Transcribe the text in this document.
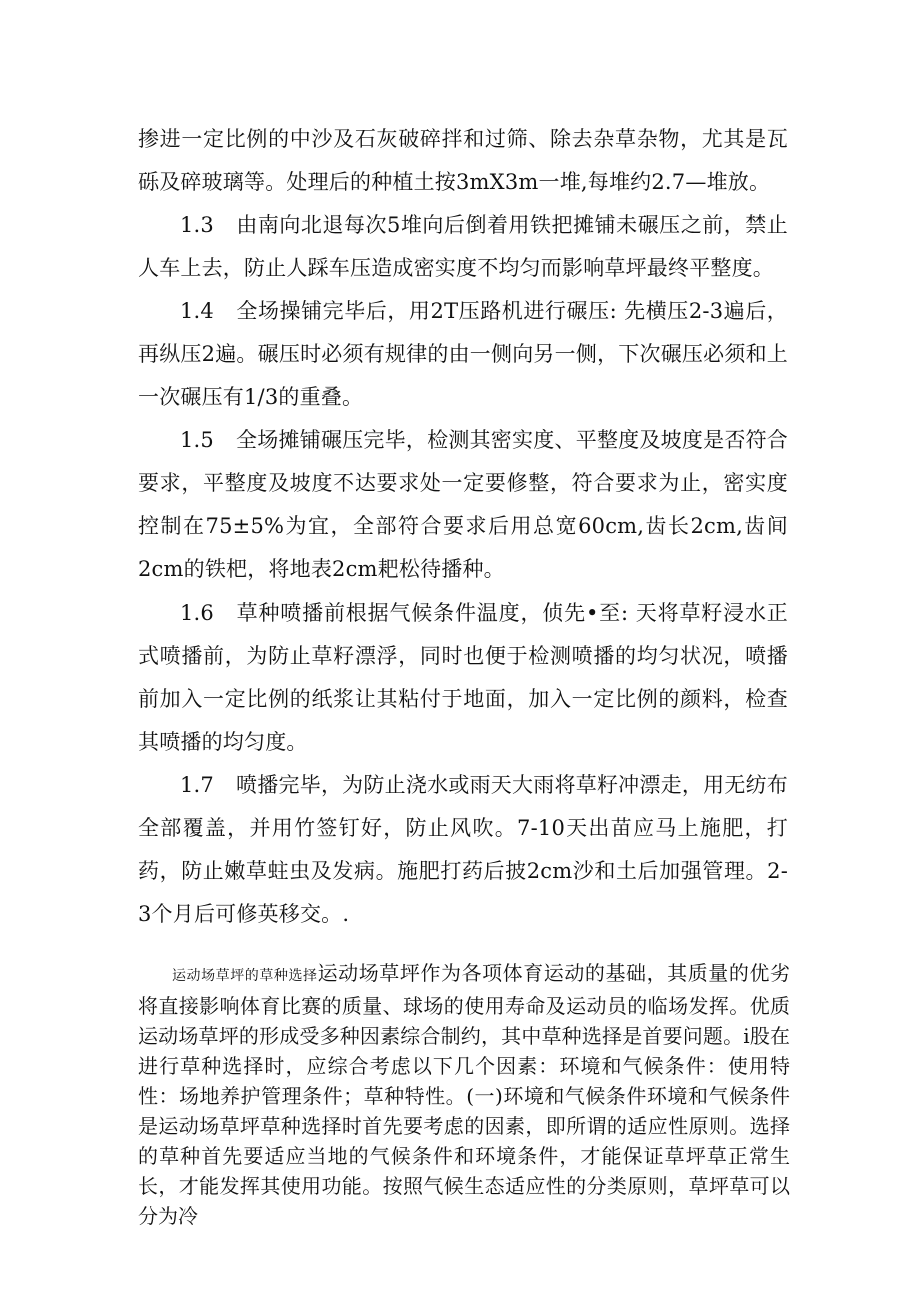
掺进一定比例的中沙及石灰破碎拌和过筛、除去杂草杂物，尤其是瓦砾及碎玻璃等。处理后的种植土按3mX3m一堆,每堆约2.7—堆放。

1.3 由南向北退每次5堆向后倒着用铁把摊铺未碾压之前，禁止人车上去，防止人踩车压造成密实度不均匀而影响草坪最终平整度。

1.4 全场操铺完毕后，用2T压路机进行碾压: 先横压2-3遍后，再纵压2遍。碾压时必须有规律的由一侧向另一侧，下次碾压必须和上一次碾压有1/3的重叠。

1.5 全场摊铺碾压完毕，检测其密实度、平整度及坡度是否符合要求，平整度及坡度不达要求处一定要修整，符合要求为止，密实度控制在75±5%为宜，全部符合要求后用总宽60cm,齿长2cm,齿间2cm的铁杷，将地表2cm耙松待播种。

1.6 草种喷播前根据气候条件温度，侦先•至: 天将草籽浸水正式喷播前，为防止草籽漂浮，同时也便于检测喷播的均匀状况，喷播前加入一定比例的纸浆让其粘付于地面，加入一定比例的颜料，检查其喷播的均匀度。

1.7 喷播完毕，为防止浇水或雨天大雨将草籽冲漂走，用无纺布全部覆盖，并用竹签钉好，防止风吹。7-10天出苗应马上施肥，打药，防止嫩草蛀虫及发病。施肥打药后披2cm沙和土后加强管理。2-3个月后可修英移交。.

运动场草坪的草种选择运动场草坪作为各项体育运动的基础，其质量的优劣将直接影响体育比赛的质量、球场的使用寿命及运动员的临场发挥。优质运动场草坪的形成受多种因素综合制约，其中草种选择是首要问题。i股在进行草种选择时，应综合考虑以下几个因素：环境和气候条件：使用特性：场地养护管理条件；草种特性。(一)环境和气候条件环境和气候条件是运动场草坪草种选择时首先要考虑的因素，即所谓的适应性原则。选择的草种首先要适应当地的气候条件和环境条件，才能保证草坪草正常生长，才能发挥其使用功能。按照气候生态适应性的分类原则，草坪草可以分为冷
